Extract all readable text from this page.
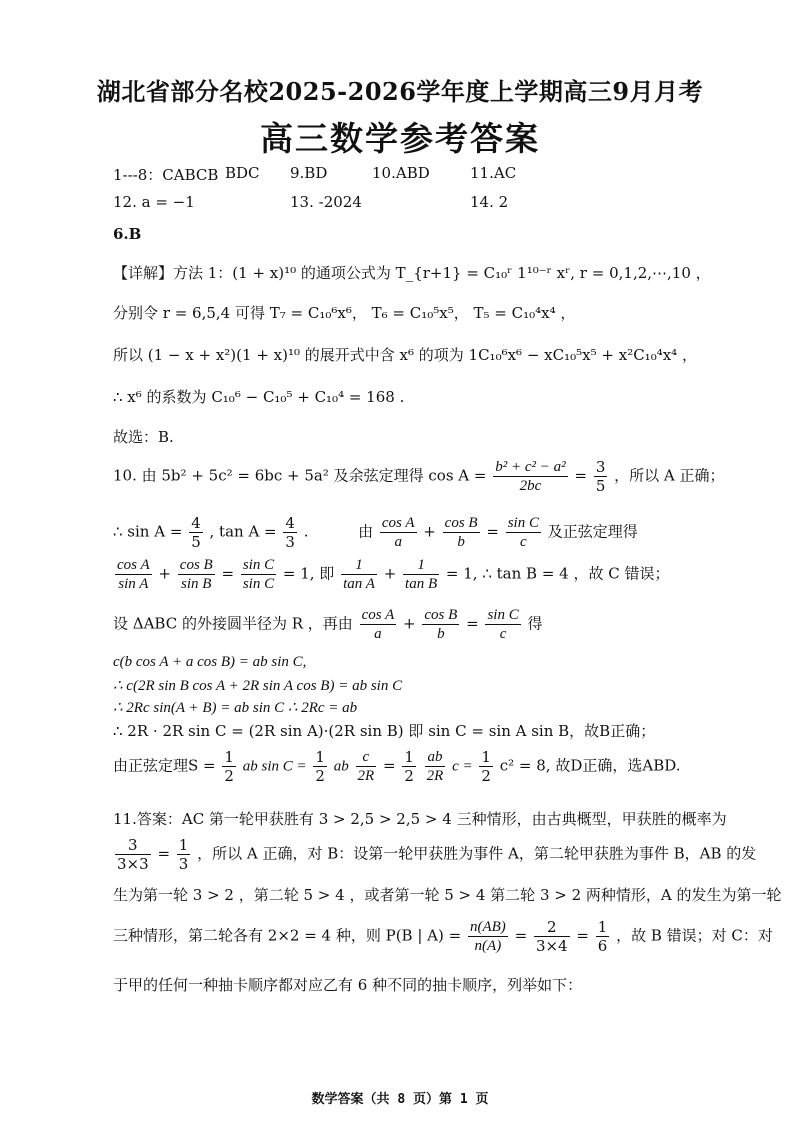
湖北省部分名校2025-2026学年度上学期高三9月月考
高三数学参考答案
1---8：CABCB BDC 9.BD	10.ABD	11.AC
12. a = −1	13. -2024	14. 2
6.B
【详解】方法 1：(1 + x)¹⁰ 的通项公式为 T_{r+1} = C₁₀ʳ 1¹⁰⁻ʳ xʳ, r = 0,1,2,⋯,10 ，
分别令 r = 6,5,4 可得 T₇ = C₁₀⁶x⁶， T₆ = C₁₀⁵x⁵， T₅ = C₁₀⁴x⁴ ，
所以 (1 − x + x²)(1 + x)¹⁰ 的展开式中含 x⁶ 的项为 1C₁₀⁶x⁶ − xC₁₀⁵x⁵ + x²C₁₀⁴x⁴ ，
∴ x⁶ 的系数为 C₁₀⁶ − C₁₀⁵ + C₁₀⁴ = 168 .
故选：B.
10. 由 5b² + 5c² = 6bc + 5a² 及余弦定理得 $\cos A = \frac{\text{b² + c² − a²}}{2bc} = \frac{3}{5}$ ，所以 A 正确；
∴ $\sin A = \frac{4}{5}$ , $\tan A = \frac{4}{3}$ .	由 $\frac{\text{cos A}}{a} + \frac{\text{cos B}}{b} = \frac{\text{sin C}}{c}$ 及正弦定理得
$\frac{\text{cos A}}{\text{sin A}} + \frac{\text{cos B}}{\text{sin B}} = \frac{\text{sin C}}{\text{sin C}} = 1$, 即 $\frac{1}{\text{tan A}} + \frac{1}{\text{tan B}} = 1$, ∴ tan B = 4 ，故 C 错误；
设 ΔABC 的外接圆半径为 R ，再由 $\frac{\text{cos A}}{a} + \frac{\text{cos B}}{b} = \frac{\text{sin C}}{c}$ 得
c(b cos A + a cos B) = ab sin C,
∴ c(2R sin B cos A + 2R sin A cos B) = ab sin C
∴ 2Rc sin(A + B) = ab sin C ∴ 2Rc = ab
∴ 2R · 2R sin C = (2R sin A)·(2R sin B) 即 sin C = sin A sin B，故B正确；
由正弦定理$S = \frac{1}{2}$ ab $\sin C = \frac{1}{2}$ ab $\frac{c}{2R} = \frac{1}{2}$
$\frac{ab}{2R}$ $c = \frac{1}{2} c^2 = 8$, 故D正确，选ABD.
11.答案：AC 第一轮甲获胜有 3 > 2,5 > 2,5 > 4 三种情形，由古典概型，甲获胜的概率为
$\frac{3}{3\times 3} = \frac{1}{3}$ ，所以 A 正确，对 B：设第一轮甲获胜为事件 A，第二轮甲获胜为事件 B，AB 的发
生为第一轮 3 > 2 ，第二轮 5 > 4 ，或者第一轮 5 > 4 第二轮 3 > 2 两种情形，A 的发生为第一轮
三种情形，第二轮各有 2×2 = 4 种，则 P(B | $A) = \frac{n(AB)}{n(A)} = \frac{2}{3\times 4} = \frac{1}{6}$ ，故 B 错误；对 C：对
于甲的任何一种抽卡顺序都对应乙有 6 种不同的抽卡顺序，列举如下：
数学答案（共 8 页）第 1 页
